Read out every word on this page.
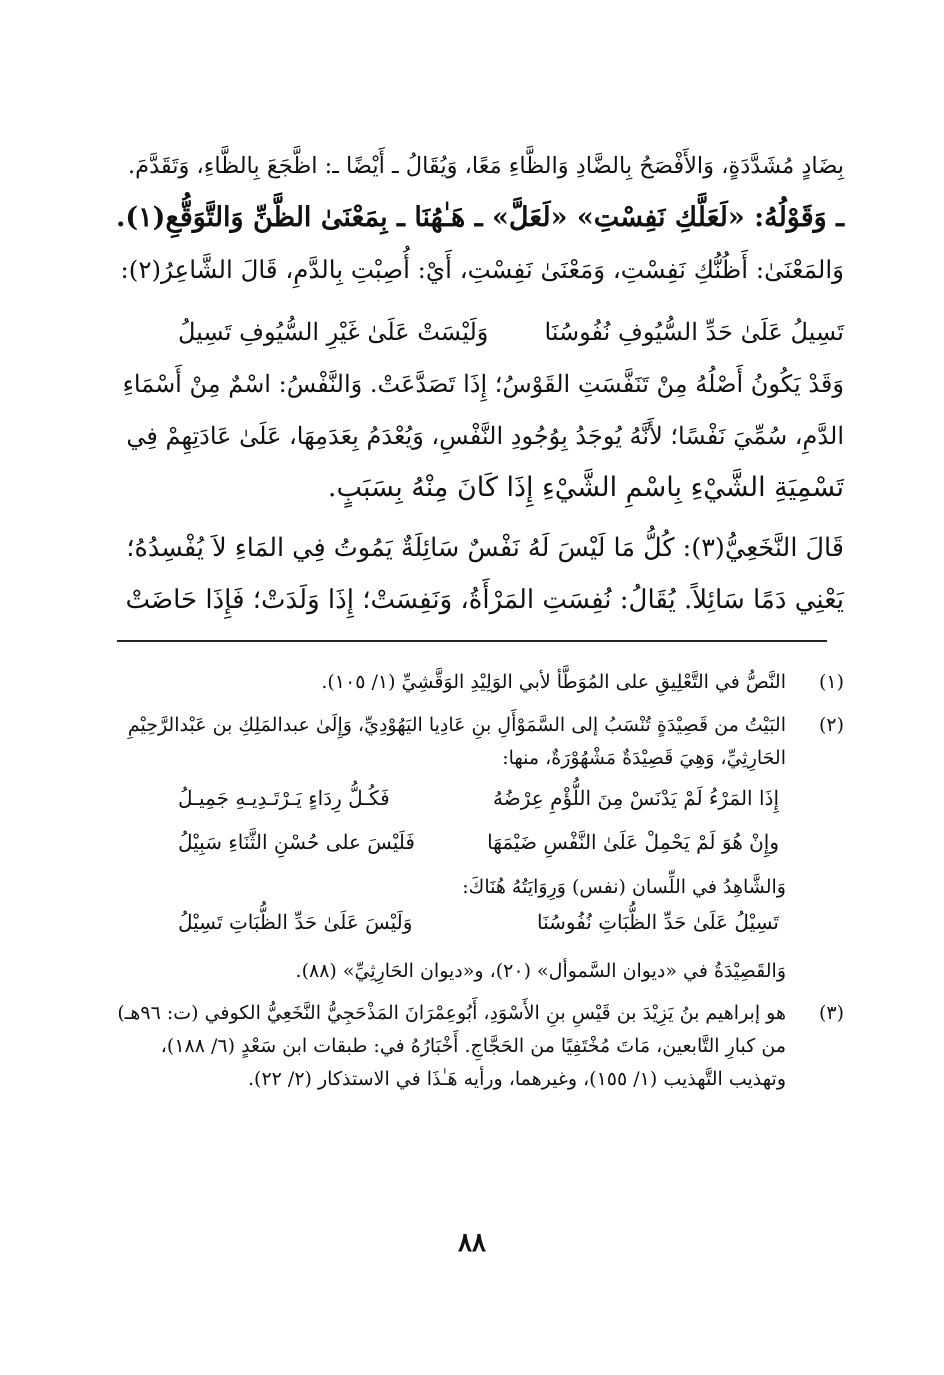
بِضَادٍ مُشَدَّدَةٍ، وَالأَفْصَحُ بِالضَّادِ وَالظَّاءِ مَعًا، وَيُقَالُ ـ أَيْضًا ـ: اظَّجَعَ بِالظَّاءِ، وَتَقَدَّمَ.
ـ وَقَوْلُهُ: «لَعَلَّكِ نَفِسْتِ» «لَعَلَّ» ـ هَـٰهُنَا ـ بِمَعْنَىٰ الظَّنِّ وَالتَّوَقُّعِ(١).
وَالمَعْنَىٰ: أَظُنُّكِ نَفِسْتِ، وَمَعْنَىٰ نَفِسْتِ، أَيْ: أُصِبْتِ بِالدَّمِ، قَالَ الشَّاعِرُ(٢):
تَسِيلُ عَلَىٰ حَدِّ السُّيُوفِ نُفُوسُنَا
وَلَيْسَتْ عَلَىٰ غَيْرِ السُّيُوفِ تَسِيلُ
وَقَدْ يَكُونُ أَصْلُهُ مِنْ تَنَفَّسَتِ القَوْسُ؛ إِذَا تَصَدَّعَتْ. وَالنَّفْسُ: اسْمٌ مِنْ أَسْمَاءِ
الدَّمِ، سُمِّيَ نَفْسًا؛ لأَنَّهُ يُوجَدُ بِوُجُودِ النَّفْسِ، وَيُعْدَمُ بِعَدَمِهَا، عَلَىٰ عَادَتِهِمْ فِي
تَسْمِيَةِ الشَّيْءِ بِاسْمِ الشَّيْءِ إِذَا كَانَ مِنْهُ بِسَبَبٍ.
قَالَ النَّخَعِيُّ(٣): كُلُّ مَا لَيْسَ لَهُ نَفْسٌ سَائِلَةٌ يَمُوتُ فِي المَاءِ لاَ يُفْسِدُهُ؛
يَعْنِي دَمًا سَائِلاً. يُقَالُ: نُفِسَتِ المَرْأَةُ، وَنَفِسَتْ؛ إِذَا وَلَدَتْ؛ فَإِذَا حَاضَتْ
(١)
النَّصُّ في التَّعْلِيقِ على المُوَطَّأ لأبي الوَلِيْدِ الوَقَّشِيِّ (١/ ١٠٥).
(٢)
البَيْتُ من قَصِيْدَةٍ تُنْسَبُ إلى السَّمَوْأَلِ بنِ عَادِيا اليَهُوْدِيِّ، وَإِلَىٰ عبدالمَلِكِ بن عَبْدالرَّحِيْمِ
الحَارِثِيِّ، وَهِيَ قَصِيْدَةٌ مَشْهُوْرَةٌ، منها:
إِذَا المَرْءُ لَمْ يَدْنَسْ مِنَ اللُّؤْمِ عِرْضُهُ
فَكُـلُّ رِدَاءٍ يَـرْتَـدِيـهِ جَمِيـلُ
وإِنْ هُوَ لَمْ يَحْمِلْ عَلَىٰ النَّفْسِ ضَيْمَهَا
فَلَيْسَ على حُسْنِ الثَّنَاءِ سَبِيْلُ
وَالشَّاهِدُ في اللِّسان (نفس) وَرِوَايَتُهُ هُنَاكَ:
تَسِيْلُ عَلَىٰ حَدِّ الظُّبَاتِ نُفُوسُنَا
وَلَيْسَ عَلَىٰ حَدِّ الظُّبَاتِ تَسِيْلُ
وَالقَصِيْدَةُ في «ديوان السَّموأل» (٢٠)، و«ديوان الحَارِثِيِّ» (٨٨).
(٣)
هو إبراهيم بنُ يَزِيْدَ بن قَيْسِ بنِ الأَسْوَدِ، أَبُوعِمْرَانَ المَذْحَجِيُّ النَّخَعِيُّ الكوفي (ت: ٩٦هـ)
من كبارِ التَّابعين، مَاتَ مُخْتَفِيًا من الحَجَّاجِ. أَخْبَارُهُ في: طبقات ابن سَعْدٍ (٦/ ١٨٨)،
وتهذيب التَّهذيب (١/ ١٥٥)، وغيرهما، ورأيه هَـٰذَا في الاستذكار (٢/ ٢٢).
٨٨
